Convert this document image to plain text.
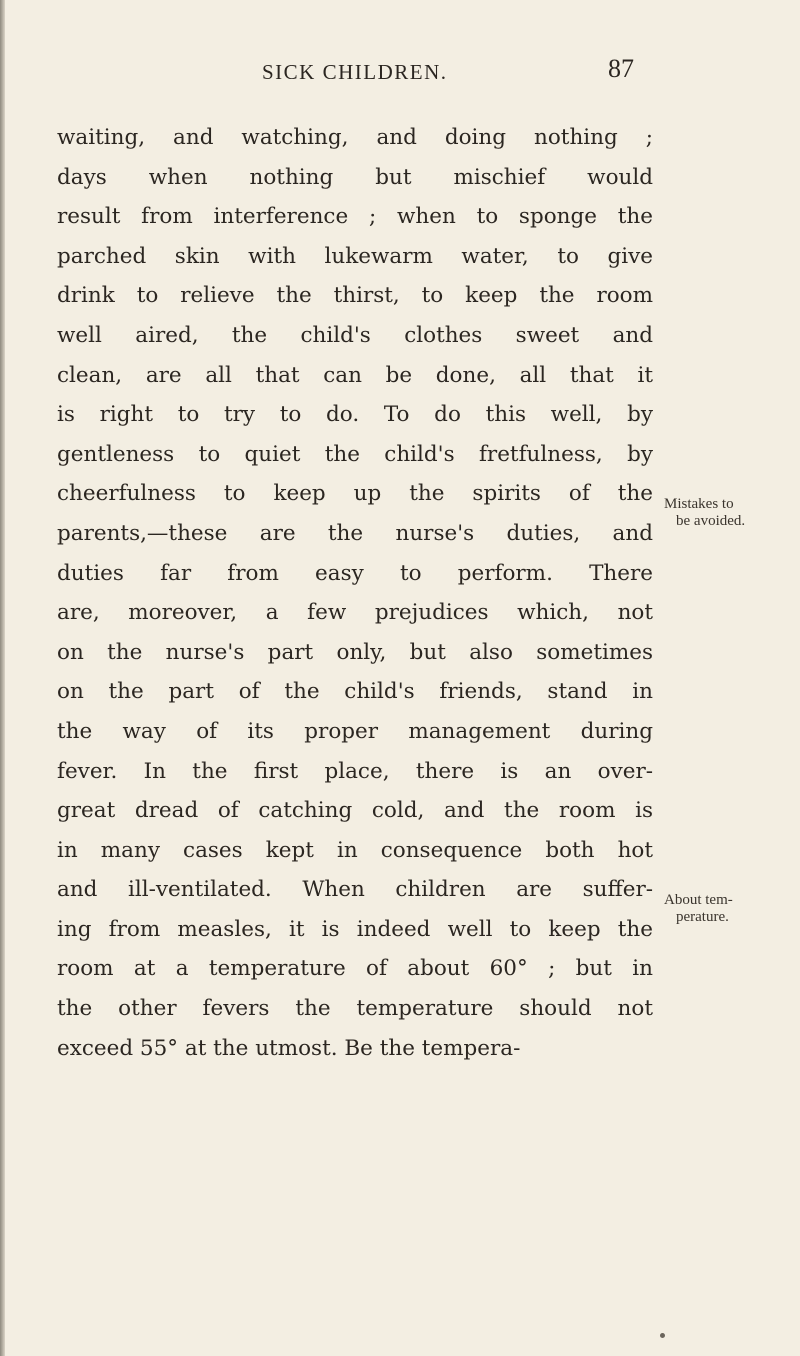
SICK CHILDREN.	87
waiting, and watching, and doing nothing ;
days when nothing but mischief would
result from interference ; when to sponge the
parched skin with lukewarm water, to give
drink to relieve the thirst, to keep the room
well aired, the child's clothes sweet and
clean, are all that can be done, all that it
is right to try to do. To do this well, by
gentleness to quiet the child's fretfulness, by
cheerfulness to keep up the spirits of the
parents,—these are the nurse's duties, and
duties far from easy to perform. There
are, moreover, a few prejudices which, not
on the nurse's part only, but also sometimes
on the part of the child's friends, stand in
the way of its proper management during
fever. In the first place, there is an over-
great dread of catching cold, and the room is
in many cases kept in consequence both hot
and ill-ventilated. When children are suffer-
ing from measles, it is indeed well to keep the
room at a temperature of about 60° ; but in
the other fevers the temperature should not
exceed 55° at the utmost. Be the tempera-
Mistakes to
be avoided.
About tem-
perature.
